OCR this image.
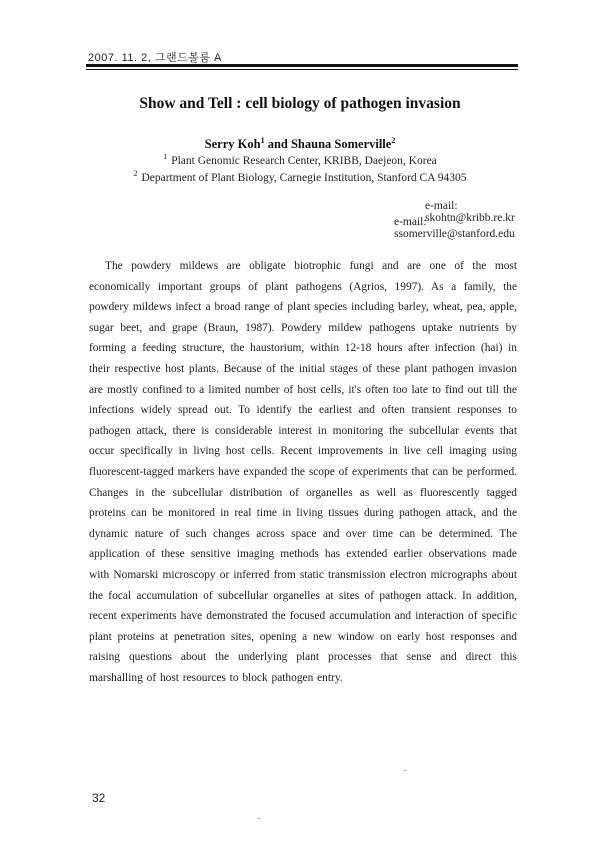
2007. 11. 2, 그랜드볼룸 A
Show and Tell : cell biology of pathogen invasion
Serry Koh$^1$ and Shauna Somerville$^2$
$^1$ Plant Genomic Research Center, KRIBB, Daejeon, Korea
$^2$ Department of Plant Biology, Carnegie Institution, Stanford CA 94305
e-mail: skohtn@kribb.re.kr
e-mail: ssomerville@stanford.edu

The powdery mildews are obligate biotrophic fungi and are one of the most economically important groups of plant pathogens (Agrios, 1997). As a family, the powdery mildews infect a broad range of plant species including barley, wheat, pea, apple, sugar beet, and grape (Braun, 1987). Powdery mildew pathogens uptake nutrients by forming a feeding structure, the haustorium, within 12-18 hours after infection (hai) in their respective host plants. Because of the initial stages of these plant pathogen invasion are mostly confined to a limited number of host cells, it's often too late to find out till the infections widely spread out. To identify the earliest and often transient responses to pathogen attack, there is considerable interest in monitoring the subcellular events that occur specifically in living host cells. Recent improvements in live cell imaging using fluorescent-tagged markers have expanded the scope of experiments that can be performed. Changes in the subcellular distribution of organelles as well as fluorescently tagged proteins can be monitored in real time in living tissues during pathogen attack, and the dynamic nature of such changes across space and over time can be determined. The application of these sensitive imaging methods has extended earlier observations made with Nomarski microscopy or inferred from static transmission electron micrographs about the focal accumulation of subcellular organelles at sites of pathogen attack. In addition, recent experiments have demonstrated the focused accumulation and interaction of specific plant proteins at penetration sites, opening a new window on early host responses and raising questions about the underlying plant processes that sense and direct this marshalling of host resources to block pathogen entry.

32
